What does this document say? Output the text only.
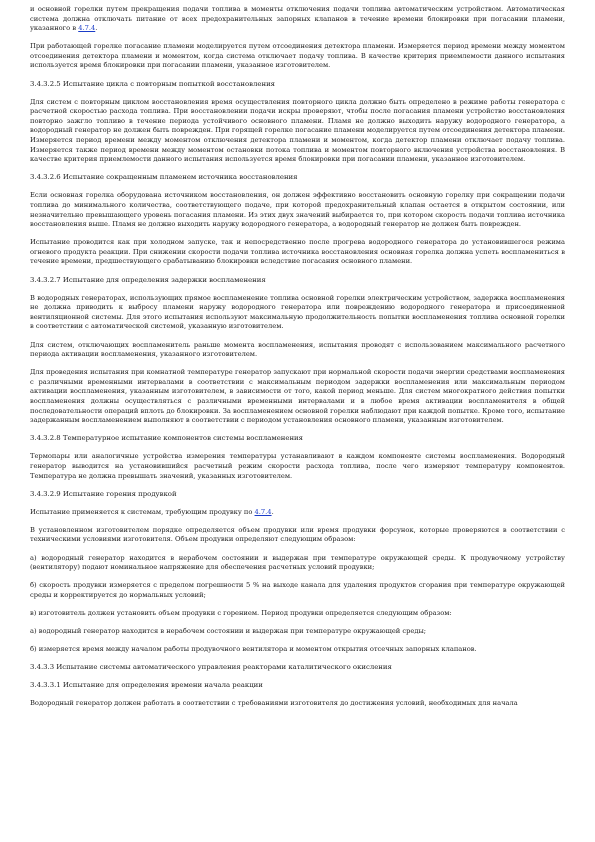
и основной горелки путем прекращения подачи топлива в моменты отключения подачи топлива автоматическим устройством. Автоматическая система должна отключать питание от всех предохранительных запорных клапанов в течение времени блокировки при погасании пламени, указанного в 4.7.4.

При работающей горелке погасание пламени моделируется путем отсоединения детектора пламени. Измеряется период времени между моментом отсоединения детектора пламени и моментом, когда система отключает подачу топлива. В качестве критерия приемлемости данного испытания используется время блокировки при погасании пламени, указанное изготовителем.

3.4.3.2.5 Испытание цикла с повторным попыткой восстановления

Для систем с повторным циклом восстановления время осуществления повторного цикла должно быть определено в режиме работы генератора с расчетной скоростью расхода топлива. При восстановлении подачи искры проверяют, чтобы после погасания пламени устройство восстановления повторно зажгло топливо в течение периода устойчивого основного пламени. Пламя не должно выходить наружу водородного генератора, а водородный генератор не должен быть поврежден. При горящей горелке погасание пламени моделируется путем отсоединения детектора пламени. Измеряется период времени между моментом отключения детектора пламени и моментом, когда детектор пламени отключает подачу топлива. Измеряется также период времени между моментом остановки потока топлива и моментом повторного включения устройства восстановления. В качестве критерия приемлемости данного испытания используется время блокировки при погасании пламени, указанное изготовителем.

3.4.3.2.6 Испытание сокращенным пламенем источника восстановления

Если основная горелка оборудована источником восстановления, он должен эффективно восстановить основную горелку при сокращении подачи топлива до минимального количества, соответствующего подаче, при которой предохранительный клапан остается в открытом состоянии, или незначительно превышающего уровень погасания пламени. Из этих двух значений выбирается то, при котором скорость подачи топлива источника восстановления выше. Пламя не должно выходить наружу водородного генератора, а водородный генератор не должен быть поврежден.

Испытание проводится как при холодном запуске, так и непосредственно после прогрева водородного генератора до установившегося режима огневого продукта реакции. При снижении скорости подачи топлива источника восстановления основная горелка должна успеть воспламениться в течение времени, предшествующего срабатыванию блокировки вследствие погасания основного пламени.

3.4.3.2.7 Испытание для определения задержки воспламенения

В водородных генераторах, использующих прямое воспламенение топлива основной горелки электрическим устройством, задержка воспламенения не должна приводить к выбросу пламени наружу водородного генератора или повреждению водородного генератора и присоединенной вентиляционной системы. Для этого испытания используют максимальную продолжительность попытки воспламенения топлива основной горелки в соответствии с автоматической системой, указанную изготовителем.

Для систем, отключающих воспламенитель раньше момента воспламенения, испытания проводят с использованием максимального расчетного периода активации воспламенения, указанного изготовителем.

Для проведения испытания при комнатной температуре генератор запускают при нормальной скорости подачи энергии средствами воспламенения с различными временными интервалами в соответствии с максимальным периодом задержки воспламенения или максимальным периодом активации воспламенения, указанным изготовителем, в зависимости от того, какой период меньше. Для систем многократного действия попытки воспламенения должны осуществляться с различными временными интервалами и в любое время активации воспламенителя в общей последовательности операций вплоть до блокировки. За воспламенением основной горелки наблюдают при каждой попытке. Кроме того, испытание задержанным воспламенением выполняют в соответствии с периодом установления основного пламени, указанным изготовителем.

3.4.3.2.8 Температурное испытание компонентов системы воспламенения

Термопары или аналогичные устройства измерения температуры устанавливают в каждом компоненте системы воспламенения. Водородный генератор выводится на установившийся расчетный режим скорости расхода топлива, после чего измеряют температуру компонентов. Температура не должна превышать значений, указанных изготовителем.

3.4.3.2.9 Испытание горения продувкой

Испытание применяется к системам, требующим продувку по 4.7.4.

В установленном изготовителем порядке определяется объем продувки или время продувки форсунок, которые проверяются в соответствии с техническими условиями изготовителя. Объем продувки определяют следующим образом:

а) водородный генератор находится в нерабочем состоянии и выдержан при температуре окружающей среды. К продувочному устройству (вентилятору) подают номинальное напряжение для обеспечения расчетных условий продувки;

б) скорость продувки измеряется с пределом погрешности 5 % на выходе канала для удаления продуктов сгорания при температуре окружающей среды и корректируется до нормальных условий;

в) изготовитель должен установить объем продувки с горением. Период продувки определяется следующим образом:

а) водородный генератор находится в нерабочем состоянии и выдержан при температуре окружающей среды;

б) измеряется время между началом работы продувочного вентилятора и моментом открытия отсечных запорных клапанов.

3.4.3.3 Испытание системы автоматического управления реакторами каталитического окисления
3.4.3.3.1 Испытание для определения времени начала реакции

Водородный генератор должен работать в соответствии с требованиями изготовителя до достижения условий, необходимых для начала
